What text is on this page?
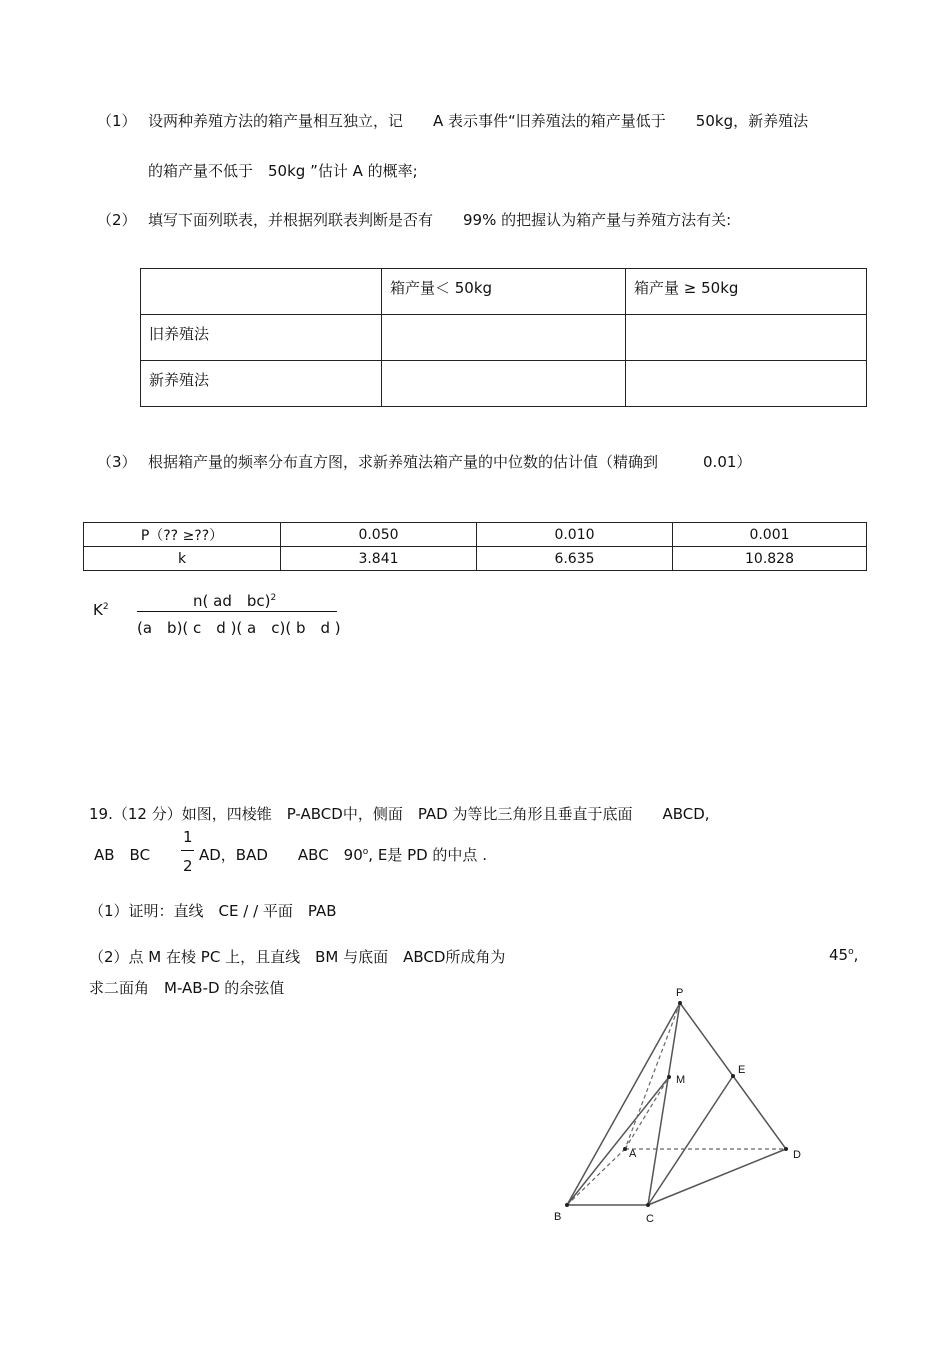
（1） 设两种养殖方法的箱产量相互独立，记　　A 表示事件“旧养殖法的箱产量低于　　50kg，新养殖法
的箱产量不低于　50kg ”估计 A 的概率;
（2） 填写下面列联表，并根据列联表判断是否有　　99% 的把握认为箱产量与养殖方法有关:
	箱产量＜ 50kg	箱产量 ≥ 50kg
旧养殖法		
新养殖法		
（3） 根据箱产量的频率分布直方图，求新养殖法箱产量的中位数的估计值（精确到　　　0.01）
P（?? ≥??）	0.050	0.010	0.001
k	3.841	6.635	10.828
$K^2$	n( ad　bc)$^2$
(a　b)( c　d )( a　c)( b　d )
19.（12 分）如图，四棱锥　P-ABCD中，侧面　PAD 为等比三角形且垂直于底面　　ABCD,
AB　BC
1
2
AD，BAD　　ABC　90$^o$, E是 PD 的中点 .
（1）证明：直线　CE / / 平面　PAB
（2）点 M 在棱 PC 上，且直线　BM 与底面　ABCD所成角为	45$^o$,
求二面角　M-AB-D 的余弦值	P
M
E
A	D
B	C
